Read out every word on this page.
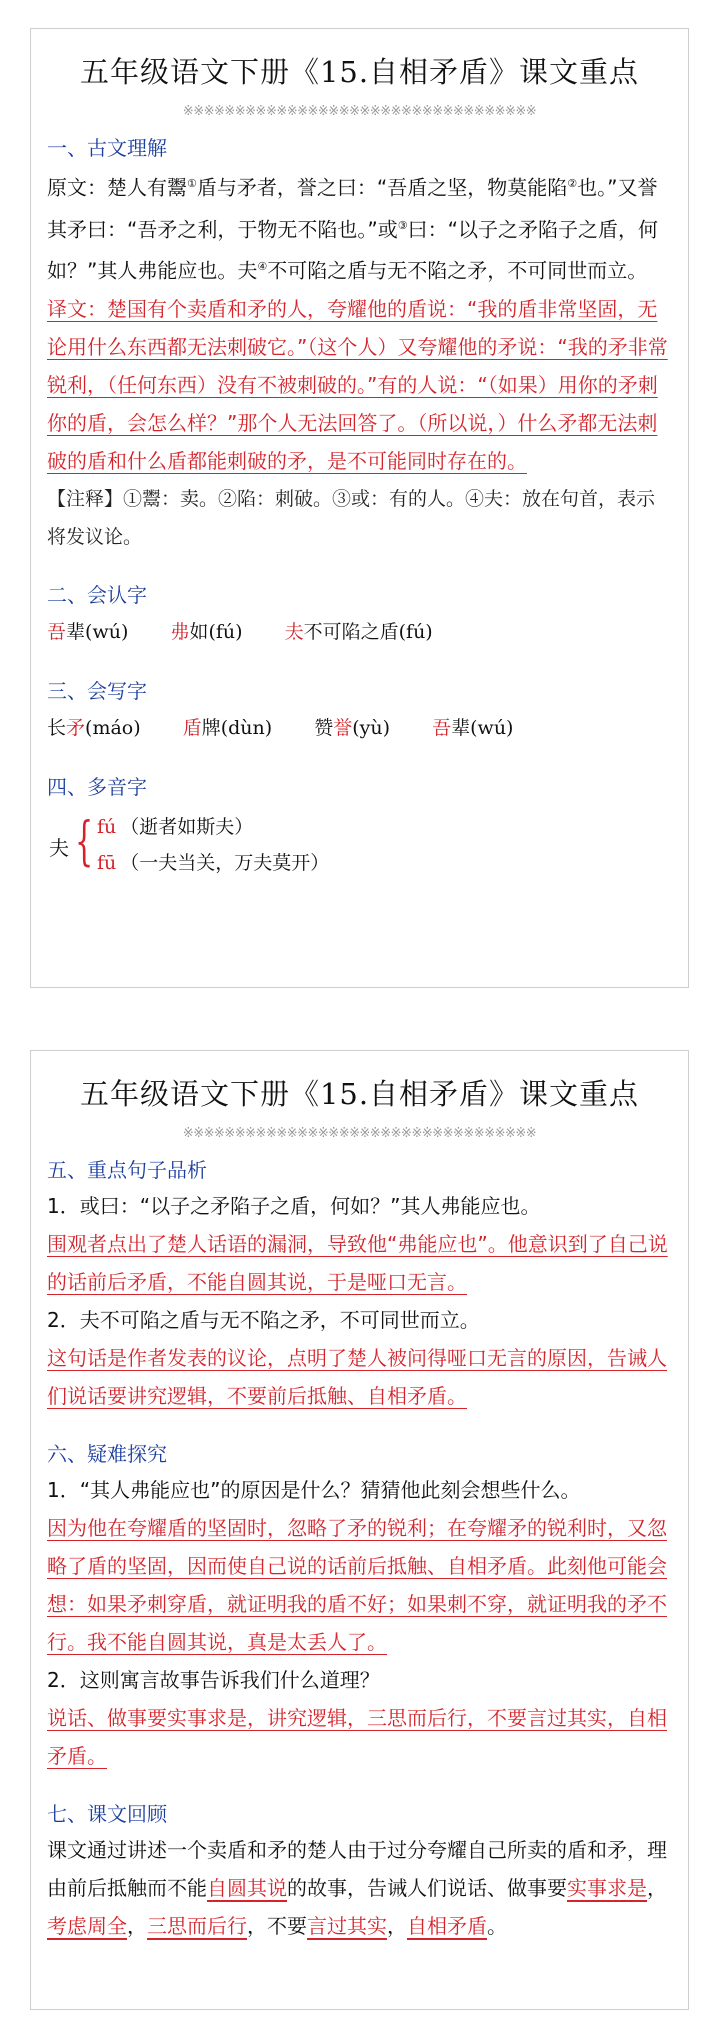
五年级语文下册《15.自相矛盾》课文重点
※※※※※※※※※※※※※※※※※※※※※※※※※※※※※※※※※※
一、古文理解
原文：楚人有鬻①盾与矛者，誉之曰：“吾盾之坚，物莫能陷②也。”又誉其矛曰：“吾矛之利，于物无不陷也。”或③曰：“以子之矛陷子之盾，何如？”其人弗能应也。夫④不可陷之盾与无不陷之矛，不可同世而立。
译文：楚国有个卖盾和矛的人，夸耀他的盾说：“我的盾非常坚固，无论用什么东西都无法刺破它。”（这个人）又夸耀他的矛说：“我的矛非常锐利，（任何东西）没有不被刺破的。”有的人说：“（如果）用你的矛刺你的盾，会怎么样？”那个人无法回答了。（所以说，）什么矛都无法刺破的盾和什么盾都能刺破的矛，是不可能同时存在的。
【注释】①鬻：卖。②陷：刺破。③或：有的人。④夫：放在句首，表示将发议论。
二、会认字
吾辈(wú) 弗如(fú) 夫不可陷之盾(fú)
三、会写字
长矛(máo) 盾牌(dùn) 赞誉(yù) 吾辈(wú)
四、多音字
夫 { fú （逝者如斯夫）
fū （一夫当关，万夫莫开）
五年级语文下册《15.自相矛盾》课文重点
※※※※※※※※※※※※※※※※※※※※※※※※※※※※※※※※※※
五、重点句子品析
1．或曰：“以子之矛陷子之盾，何如？”其人弗能应也。
围观者点出了楚人话语的漏洞，导致他“弗能应也”。他意识到了自己说的话前后矛盾，不能自圆其说，于是哑口无言。
2．夫不可陷之盾与无不陷之矛，不可同世而立。
这句话是作者发表的议论，点明了楚人被问得哑口无言的原因，告诫人们说话要讲究逻辑，不要前后抵触、自相矛盾。
六、疑难探究
1．“其人弗能应也”的原因是什么？猜猜他此刻会想些什么。
因为他在夸耀盾的坚固时，忽略了矛的锐利；在夸耀矛的锐利时，又忽略了盾的坚固，因而使自己说的话前后抵触、自相矛盾。此刻他可能会想：如果矛刺穿盾，就证明我的盾不好；如果刺不穿，就证明我的矛不行。我不能自圆其说，真是太丢人了。
2．这则寓言故事告诉我们什么道理？
说话、做事要实事求是，讲究逻辑，三思而后行，不要言过其实，自相矛盾。
七、课文回顾
课文通过讲述一个卖盾和矛的楚人由于过分夸耀自己所卖的盾和矛，理由前后抵触而不能自圆其说的故事，告诫人们说话、做事要实事求是，考虑周全，三思而后行，不要言过其实，自相矛盾。
